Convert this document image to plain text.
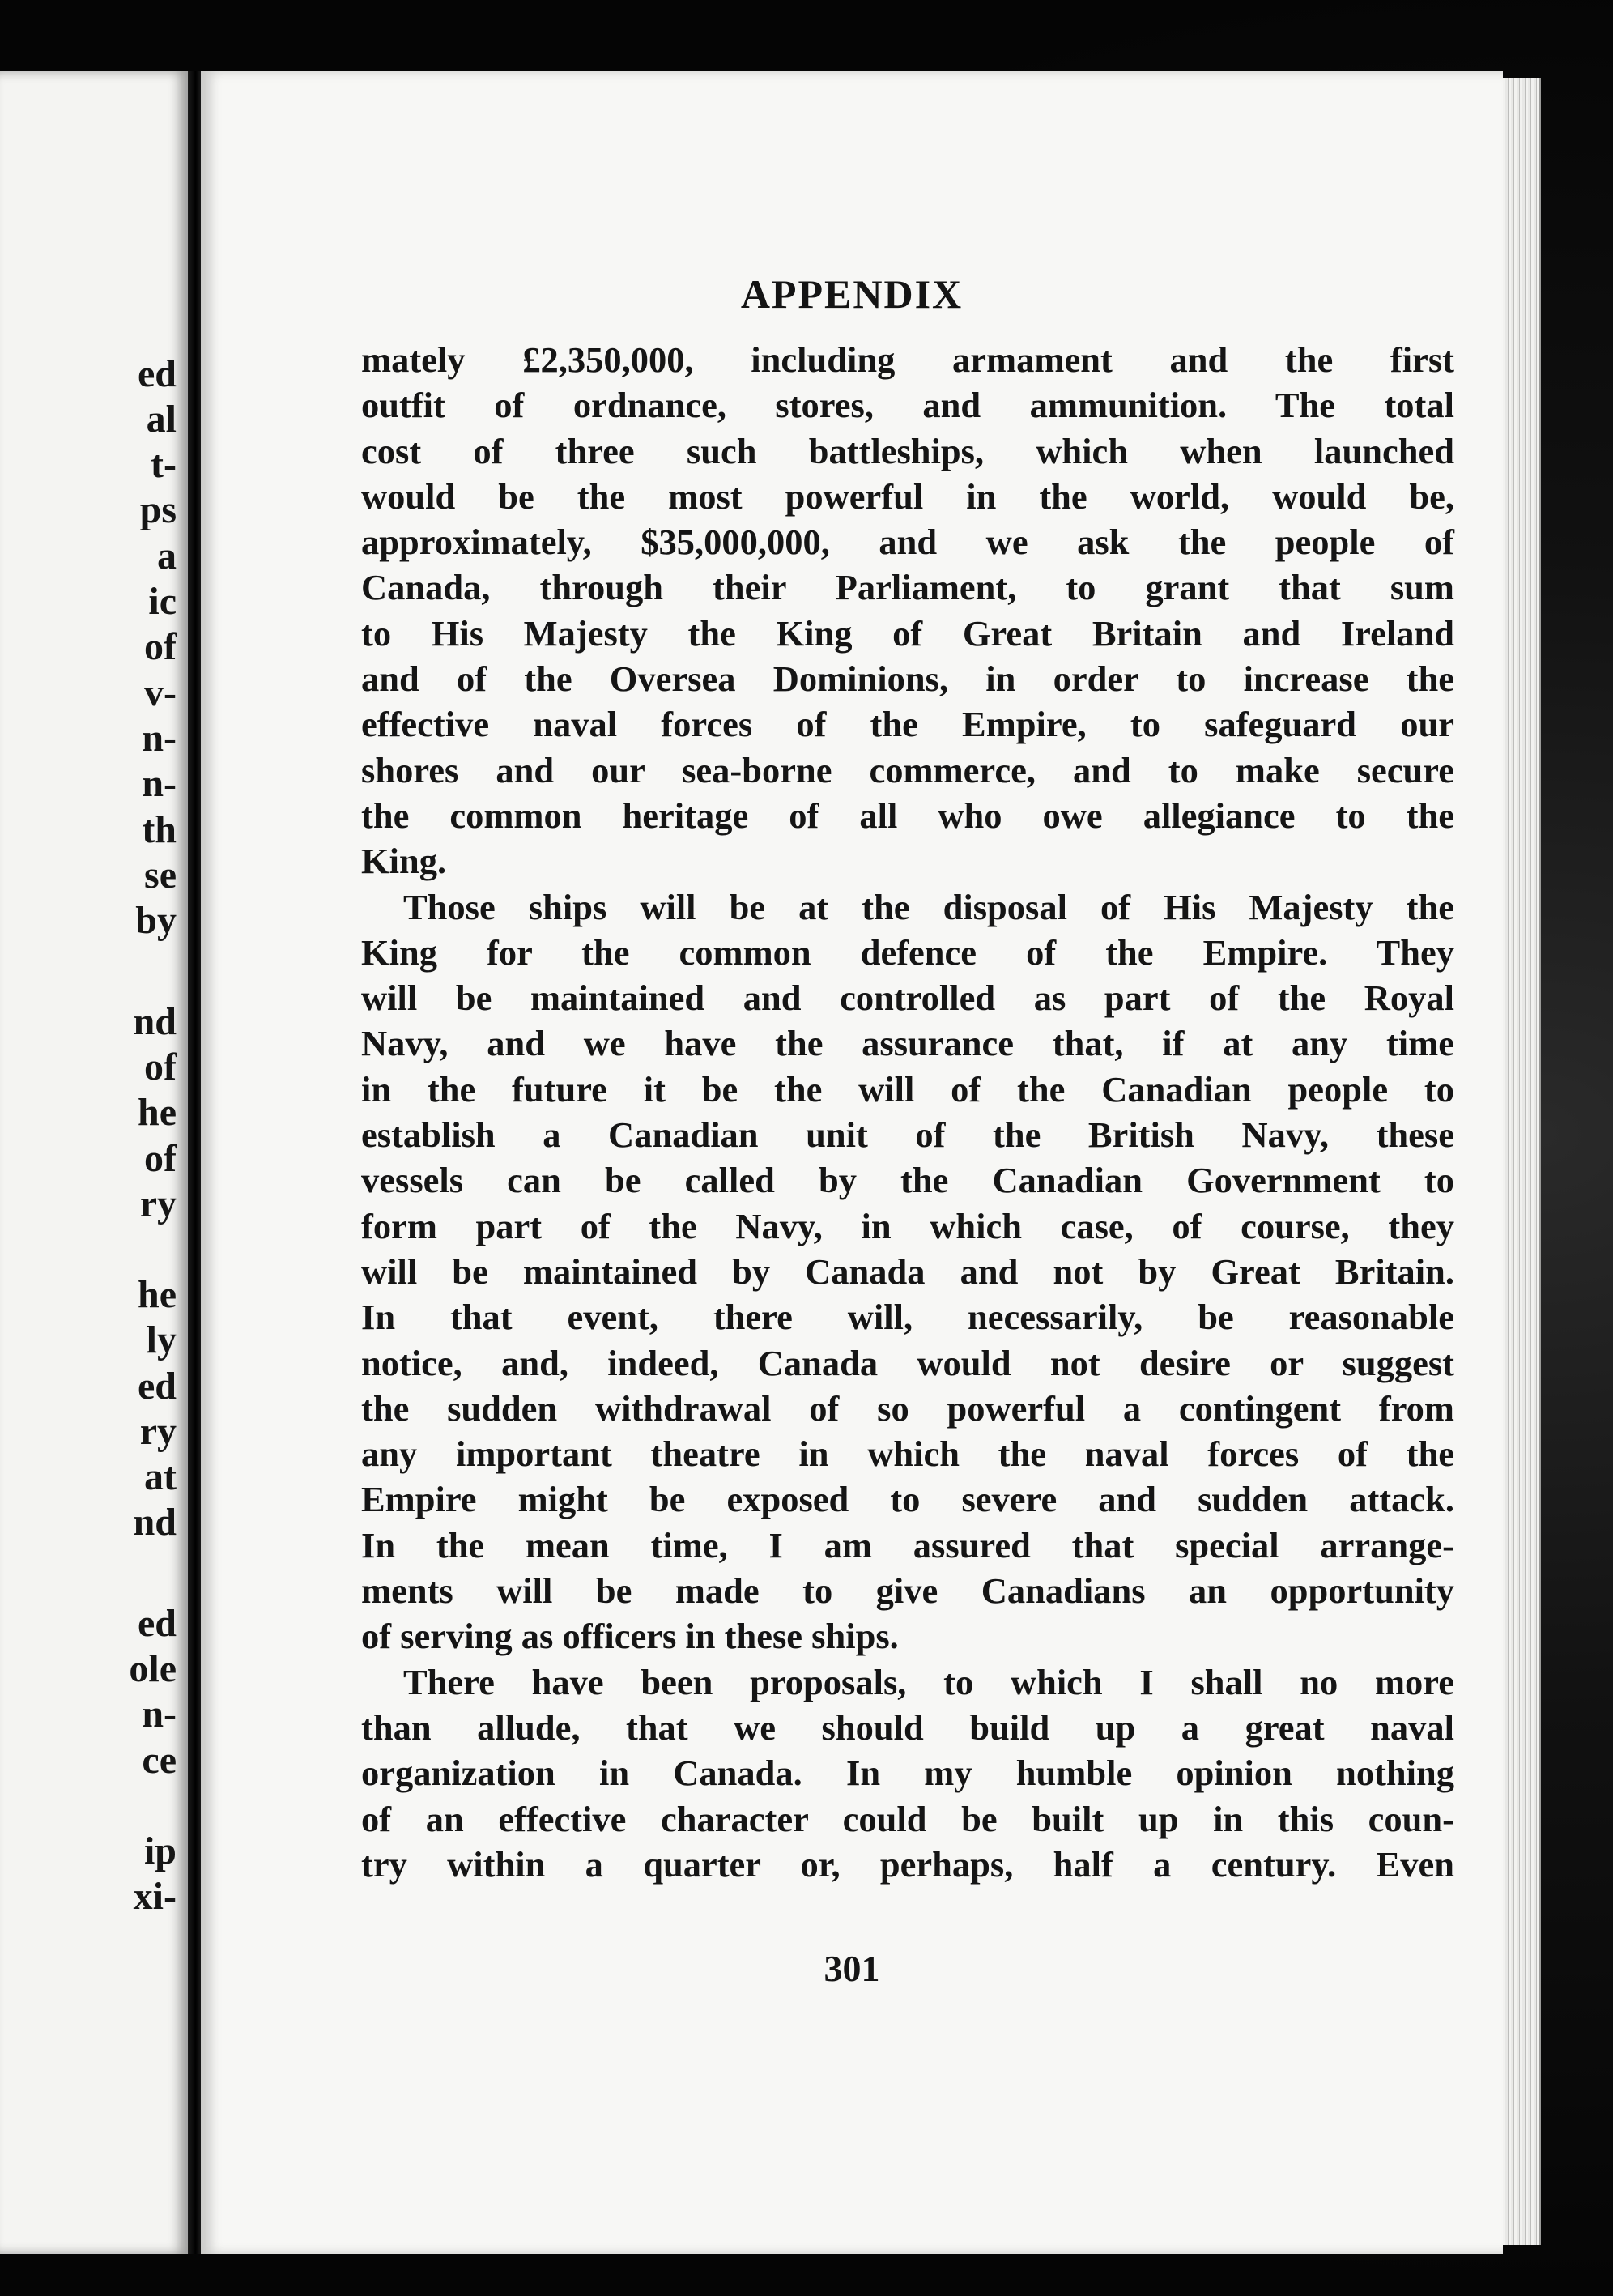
ed
al
t-
ps
a
ic
of
v-
n-
n-
th
se
by
nd
of
he
of
ry
he
ly
ed
ry
at
nd
ed
ole
n-
ce
ip
xi-
APPENDIX
mately £2,350,000, including armament and the first
outfit of ordnance, stores, and ammunition. The total
cost of three such battleships, which when launched
would be the most powerful in the world, would be,
approximately, $35,000,000, and we ask the people of
Canada, through their Parliament, to grant that sum
to His Majesty the King of Great Britain and Ireland
and of the Oversea Dominions, in order to increase the
effective naval forces of the Empire, to safeguard our
shores and our sea-borne commerce, and to make secure
the common heritage of all who owe allegiance to the
King.
Those ships will be at the disposal of His Majesty the
King for the common defence of the Empire. They
will be maintained and controlled as part of the Royal
Navy, and we have the assurance that, if at any time
in the future it be the will of the Canadian people to
establish a Canadian unit of the British Navy, these
vessels can be called by the Canadian Government to
form part of the Navy, in which case, of course, they
will be maintained by Canada and not by Great Britain.
In that event, there will, necessarily, be reasonable
notice, and, indeed, Canada would not desire or suggest
the sudden withdrawal of so powerful a contingent from
any important theatre in which the naval forces of the
Empire might be exposed to severe and sudden attack.
In the mean time, I am assured that special arrange-
ments will be made to give Canadians an opportunity
of serving as officers in these ships.
There have been proposals, to which I shall no more
than allude, that we should build up a great naval
organization in Canada. In my humble opinion nothing
of an effective character could be built up in this coun-
try within a quarter or, perhaps, half a century. Even
301
